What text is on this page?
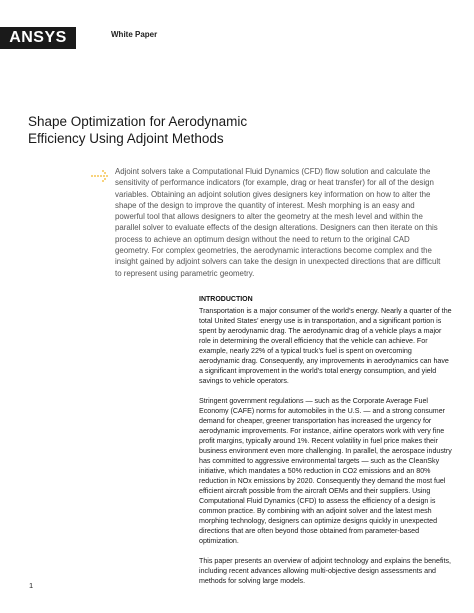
ANSYS	White Paper
Shape Optimization for Aerodynamic
Efficiency Using Adjoint Methods

Adjoint solvers take a Computational Fluid Dynamics (CFD) flow solution and calculate the sensitivity of performance indicators (for example, drag or heat transfer) for all of the design variables. Obtaining an adjoint solution gives designers key information on how to alter the shape of the design to improve the quantity of interest. Mesh morphing is an easy and powerful tool that allows designers to alter the geometry at the mesh level and within the parallel solver to evaluate effects of the design alterations. Designers can then iterate on this process to achieve an optimum design without the need to return to the original CAD geometry. For complex geometries, the aerodynamic interactions become complex and the insight gained by adjoint solvers can take the design in unexpected directions that are difficult to represent using parametric geometry.

INTRODUCTION

Transportation is a major consumer of the world’s energy. Nearly a quarter of the total United States’ energy use is in transportation, and a significant portion is spent by aerodynamic drag. The aerodynamic drag of a vehicle plays a major role in determining the overall efficiency that the vehicle can achieve. For example, nearly 22% of a typical truck’s fuel is spent on overcoming aerodynamic drag. Consequently, any improvements in aerodynamics can have a significant improvement in the world’s total energy consumption, and yield savings to vehicle operators.

Stringent government regulations — such as the Corporate Average Fuel Economy (CAFE) norms for automobiles in the U.S. — and a strong consumer demand for cheaper, greener transportation has increased the urgency for aerodynamic improvements. For instance, airline operators work with very fine profit margins, typically around 1%. Recent volatility in fuel price makes their business environment even more challenging. In parallel, the aerospace industry has committed to aggressive environmental targets — such as the CleanSky initiative, which mandates a 50% reduction in CO2 emissions and an 80% reduction in NOx emissions by 2020. Consequently they demand the most fuel efficient aircraft possible from the aircraft OEMs and their suppliers. Using Computational Fluid Dynamics (CFD) to assess the efficiency of a design is common practice. By combining with an adjoint solver and the latest mesh morphing technology, designers can optimize designs quickly in unexpected directions that are often beyond those obtained from parameter-based optimization.

This paper presents an overview of adjoint technology and explains the benefits, including recent advances allowing multi-objective design assessments and methods for solving large models.

1
